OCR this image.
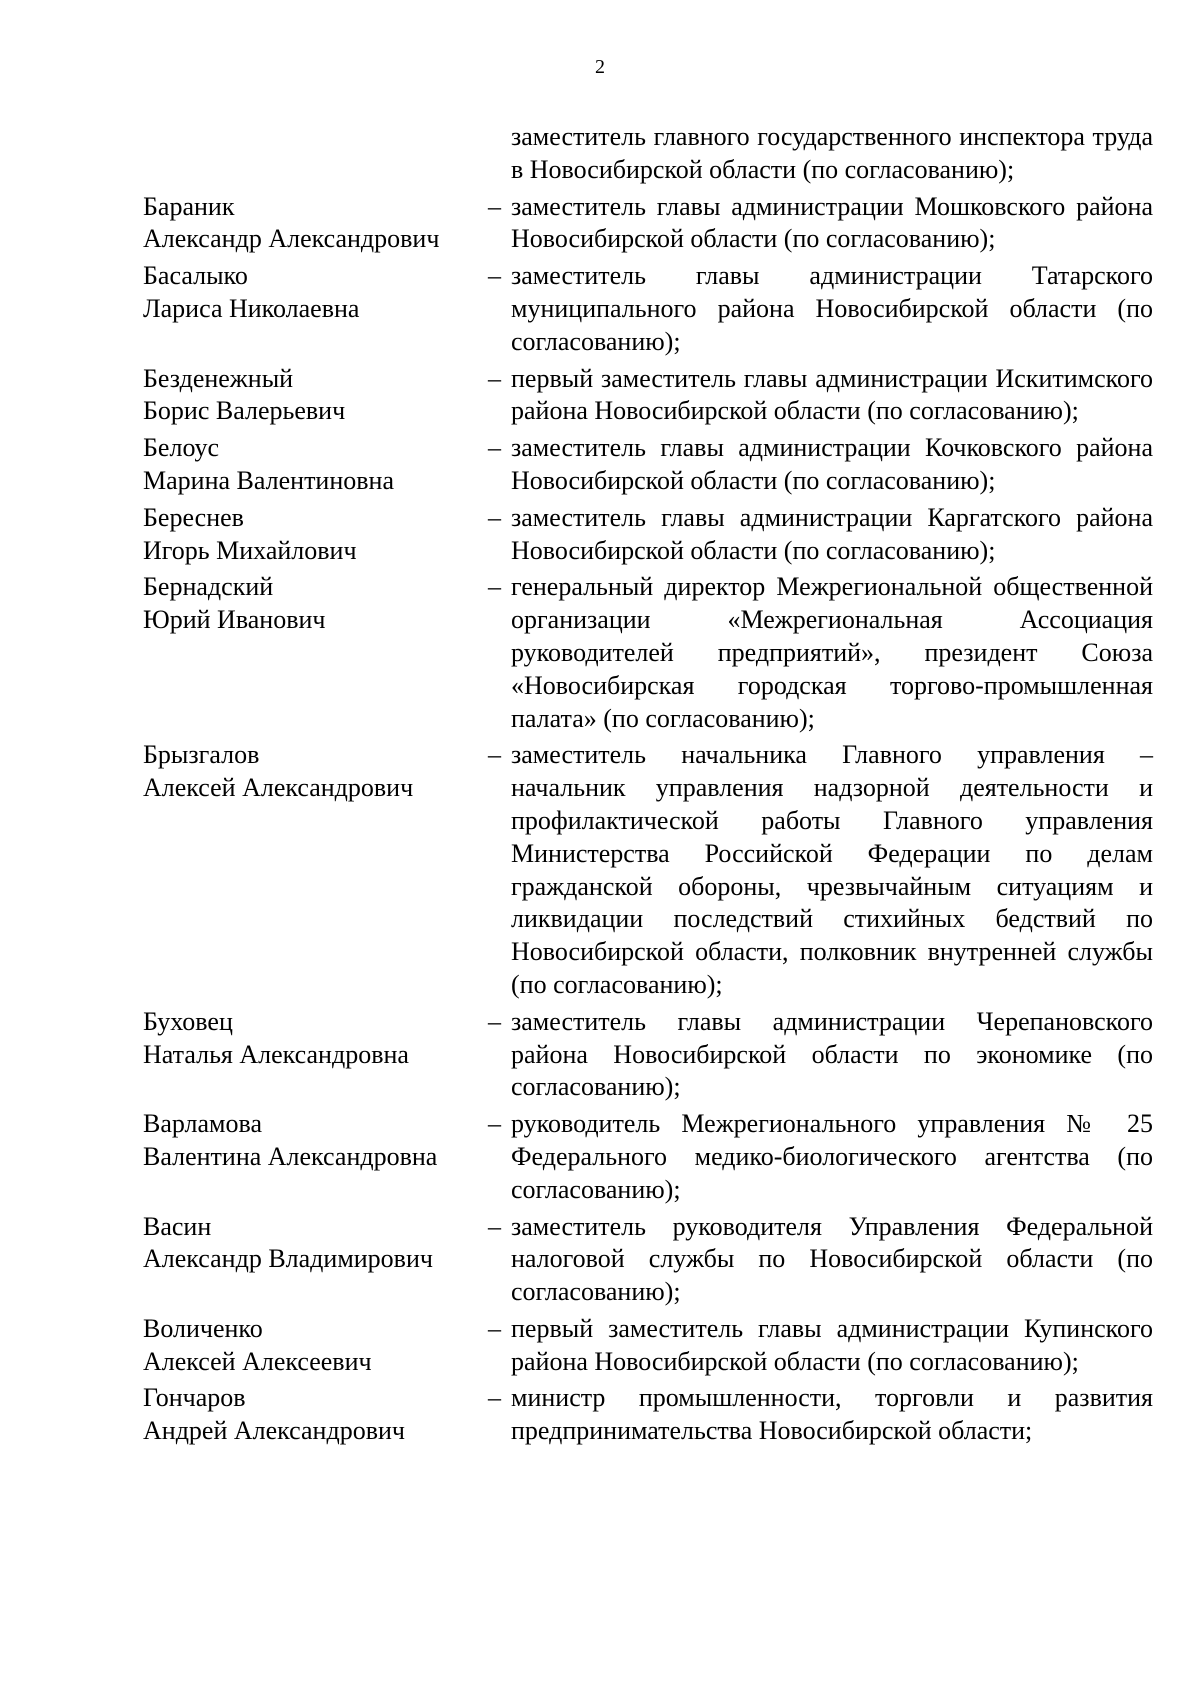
2
заместитель главного государственного инспектора труда в Новосибирской области (по согласованию);
Бараник
Александр Александрович
– заместитель главы администрации Мошковского района Новосибирской области (по согласованию);
Басалыко
Лариса Николаевна
– заместитель главы администрации Татарского муниципального района Новосибирской области (по согласованию);
Безденежный
Борис Валерьевич
– первый заместитель главы администрации Искитимского района Новосибирской области (по согласованию);
Белоус
Марина Валентиновна
– заместитель главы администрации Кочковского района Новосибирской области (по согласованию);
Береснев
Игорь Михайлович
– заместитель главы администрации Каргатского района Новосибирской области (по согласованию);
Бернадский
Юрий Иванович
– генеральный директор Межрегиональной общественной организации «Межрегиональная Ассоциация руководителей предприятий», президент Союза «Новосибирская городская торгово-промышленная палата» (по согласованию);
Брызгалов
Алексей Александрович
– заместитель начальника Главного управления – начальник управления надзорной деятельности и профилактической работы Главного управления Министерства Российской Федерации по делам гражданской обороны, чрезвычайным ситуациям и ликвидации последствий стихийных бедствий по Новосибирской области, полковник внутренней службы (по согласованию);
Буховец
Наталья Александровна
– заместитель главы администрации Черепановского района Новосибирской области по экономике (по согласованию);
Варламова
Валентина Александровна
– руководитель Межрегионального управления № 25 Федерального медико-биологического агентства (по согласованию);
Васин
Александр Владимирович
– заместитель руководителя Управления Федеральной налоговой службы по Новосибирской области (по согласованию);
Воличенко
Алексей Алексеевич
– первый заместитель главы администрации Купинского района Новосибирской области (по согласованию);
Гончаров
Андрей Александрович
– министр промышленности, торговли и развития предпринимательства Новосибирской области;
